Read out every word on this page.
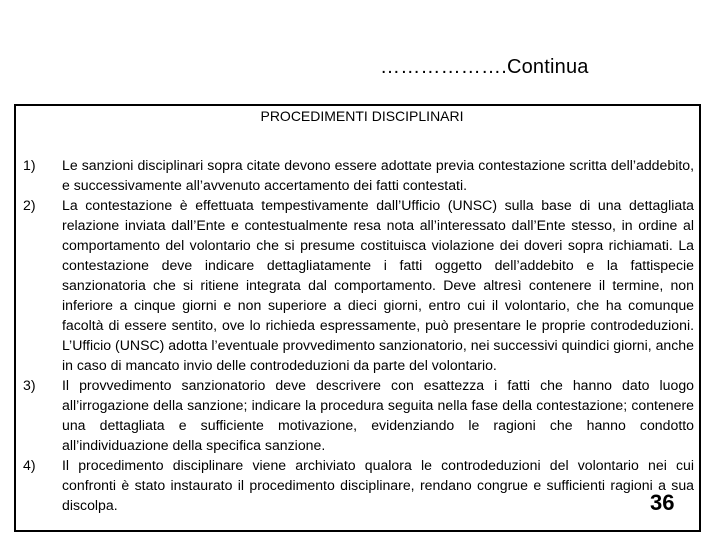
……………….Continua
PROCEDIMENTI DISCIPLINARI
1) Le sanzioni disciplinari sopra citate devono essere adottate previa contestazione scritta dell’addebito, e successivamente all’avvenuto accertamento dei fatti contestati.
2) La contestazione è effettuata tempestivamente dall’Ufficio (UNSC) sulla base di una dettagliata relazione inviata dall’Ente e contestualmente resa nota all’interessato dall’Ente stesso, in ordine al comportamento del volontario che si presume costituisca violazione dei doveri sopra richiamati. La contestazione deve indicare dettagliatamente i fatti oggetto dell’addebito e la fattispecie sanzionatoria che si ritiene integrata dal comportamento. Deve altresì contenere il termine, non inferiore a cinque giorni e non superiore a dieci giorni, entro cui il volontario, che ha comunque facoltà di essere sentito, ove lo richieda espressamente, può presentare le proprie controdeduzioni. L’Ufficio (UNSC) adotta l’eventuale provvedimento sanzionatorio, nei successivi quindici giorni, anche in caso di mancato invio delle controdeduzioni da parte del volontario.
3) Il provvedimento sanzionatorio deve descrivere con esattezza i fatti che hanno dato luogo all’irrogazione della sanzione; indicare la procedura seguita nella fase della contestazione; contenere una dettagliata e sufficiente motivazione, evidenziando le ragioni che hanno condotto all’individuazione della specifica sanzione.
4) Il procedimento disciplinare viene archiviato qualora le controdeduzioni del volontario nei cui confronti è stato instaurato il procedimento disciplinare, rendano congrue e sufficienti ragioni a sua discolpa.	36
